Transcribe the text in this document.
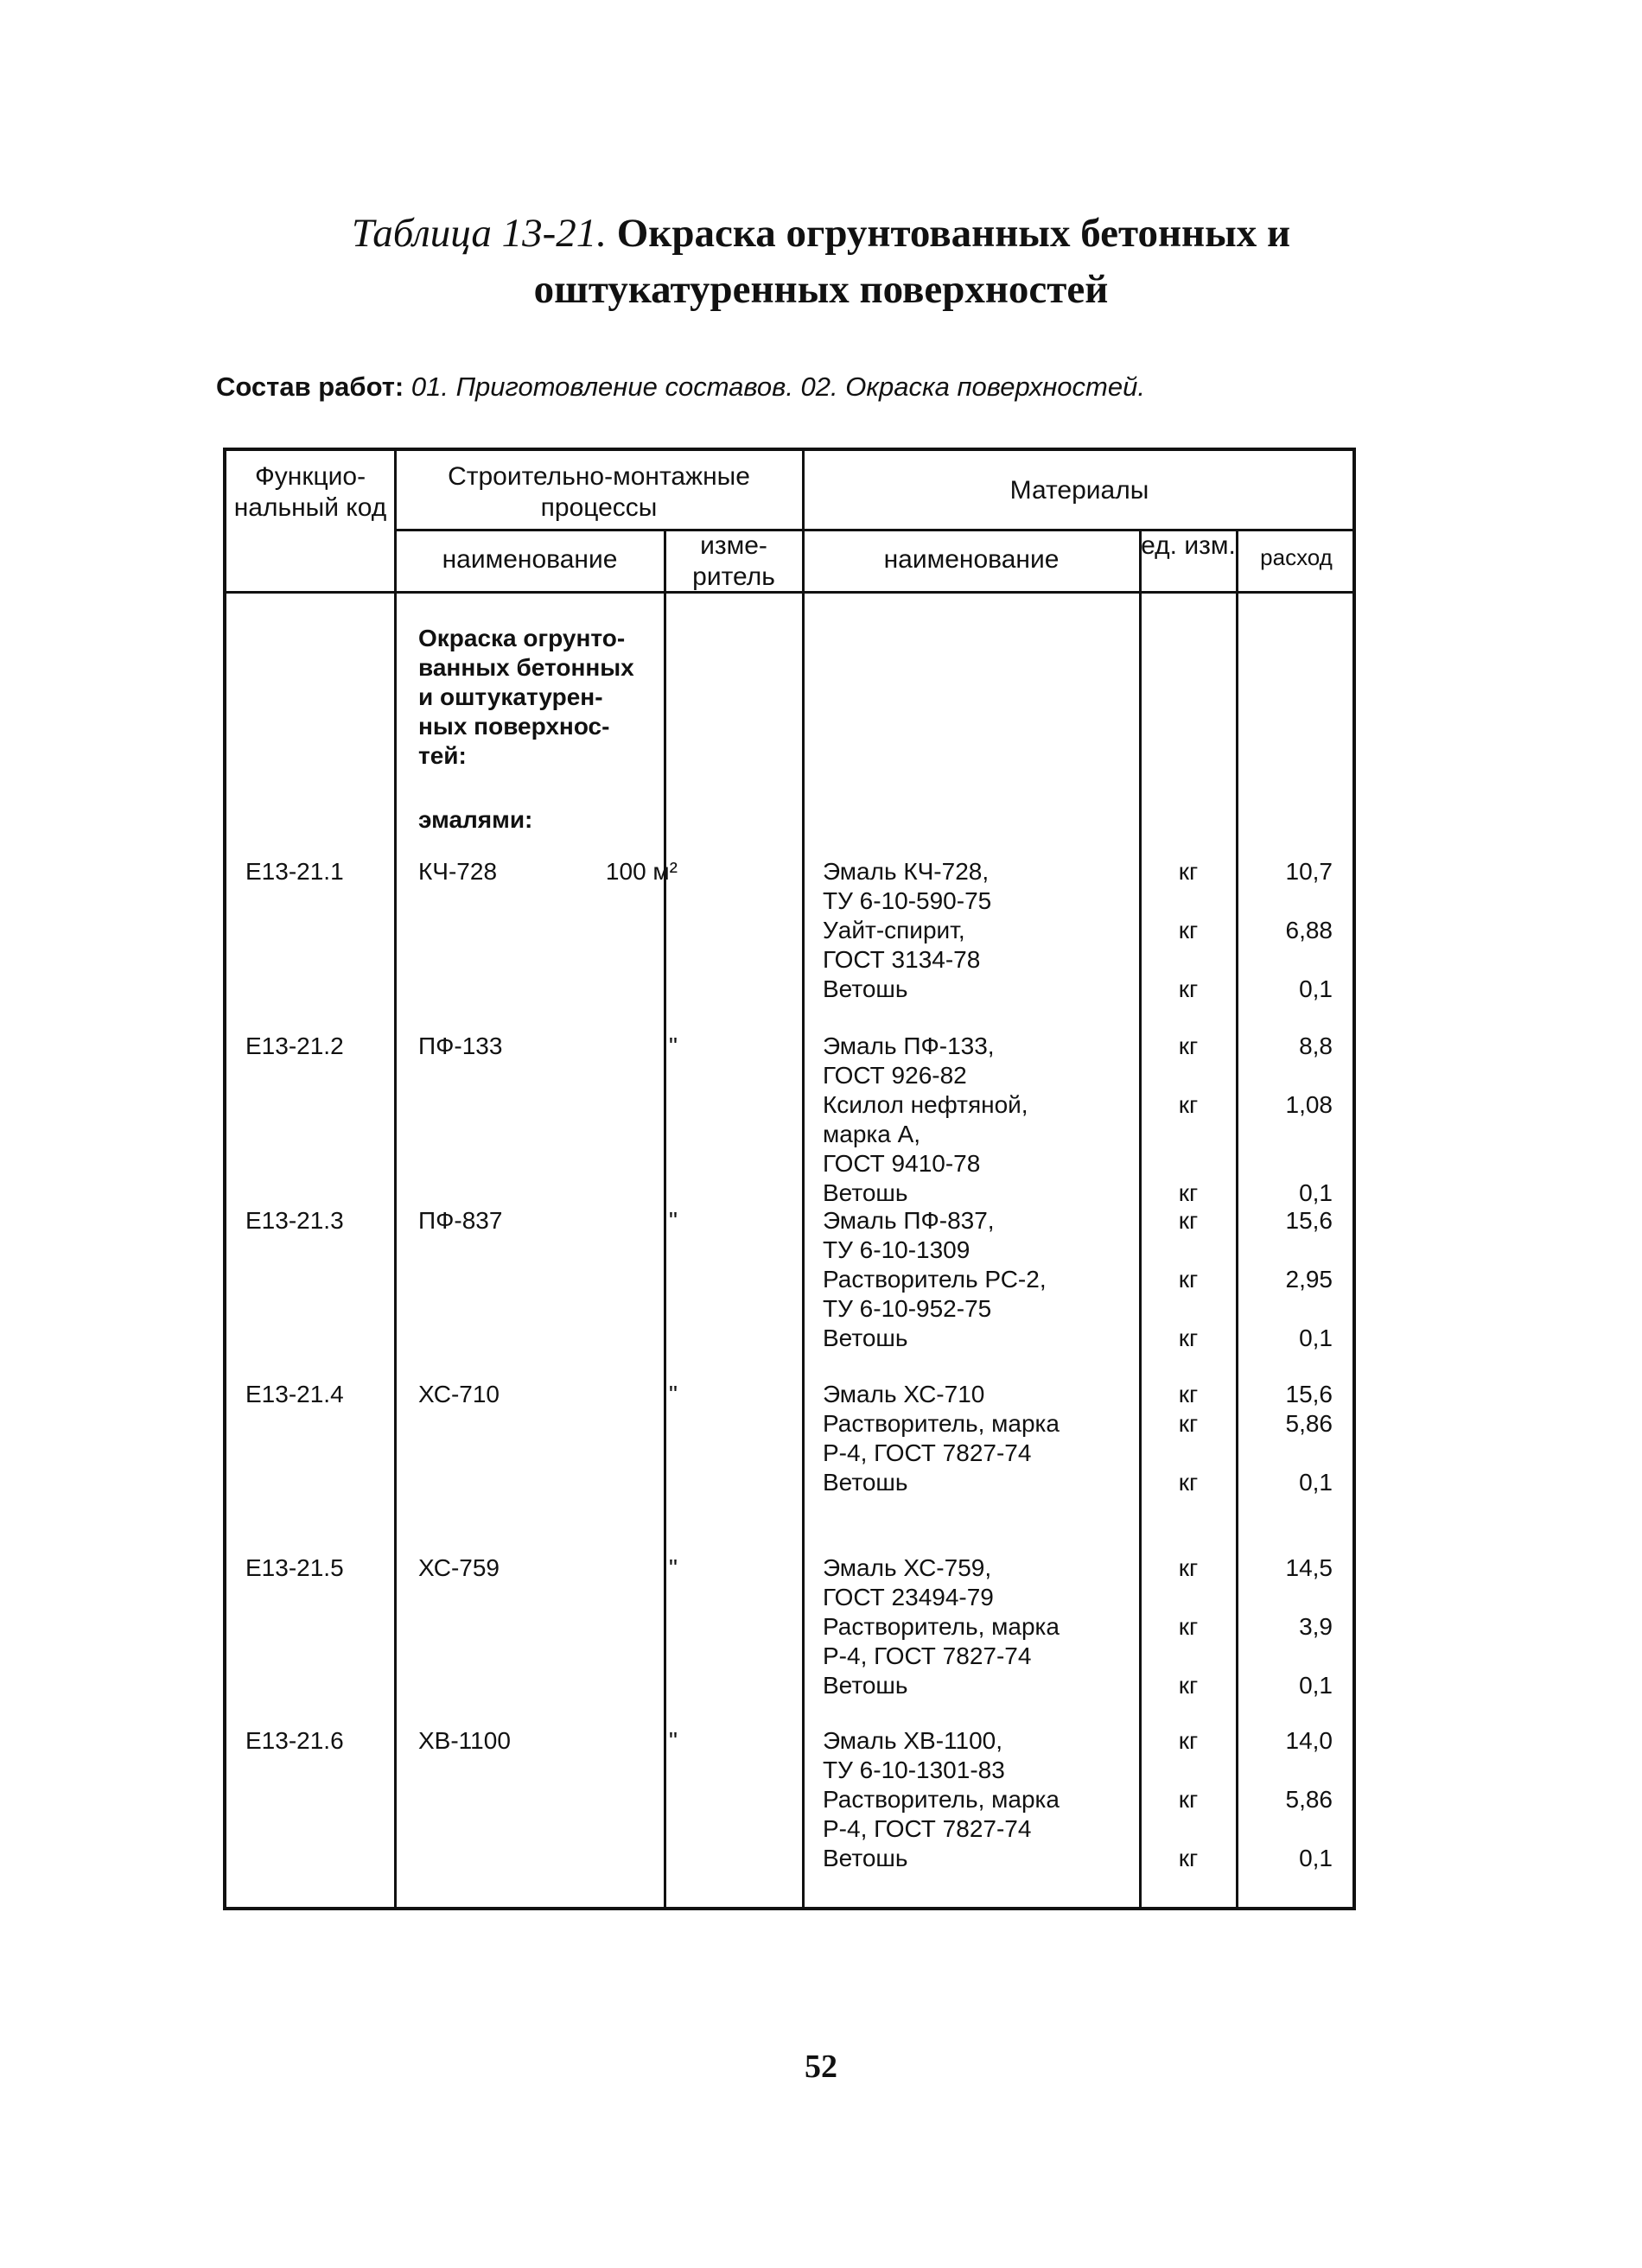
Таблица 13-21. Окраска огрунтованных бетонных и
оштукатуренных поверхностей
Состав работ: 01. Приготовление составов. 02. Окраска поверхностей.
Функцио-нальный код
Строительно-монтажные процессы
Материалы
наименование	изме-ритель
наименование	ед. изм.	расход
Окраска огрунто-
ванных бетонных
и оштукатурен-
ных поверхнос-
тей:
эмалями:
Е13-21.1	КЧ-728	100 м²	Эмаль КЧ-728,
ТУ 6-10-590-75
кг	10,7
Уайт-спирит,
ГОСТ 3134-78
кг	6,88
Ветошь	кг	0,1
Е13-21.2	ПФ-133	"	Эмаль ПФ-133,
ГОСТ 926-82
кг	8,8
Ксилол нефтяной,
марка А,
ГОСТ 9410-78
кг	1,08
Ветошь	кг	0,1
Е13-21.3	ПФ-837	"	Эмаль ПФ-837,
ТУ 6-10-1309
кг	15,6
Растворитель РС-2,
ТУ 6-10-952-75
кг	2,95
Ветошь	кг	0,1
Е13-21.4	ХС-710	"	Эмаль ХС-710	кг	15,6
Растворитель, марка
Р-4, ГОСТ 7827-74
кг	5,86
Ветошь	кг	0,1
Е13-21.5	ХС-759	"	Эмаль ХС-759,
ГОСТ 23494-79
кг	14,5
Растворитель, марка
Р-4, ГОСТ 7827-74
кг	3,9
Ветошь	кг	0,1
Е13-21.6	ХВ-1100	"	Эмаль ХВ-1100,
ТУ 6-10-1301-83
кг	14,0
Растворитель, марка
Р-4, ГОСТ 7827-74
кг	5,86
Ветошь	кг	0,1
52
